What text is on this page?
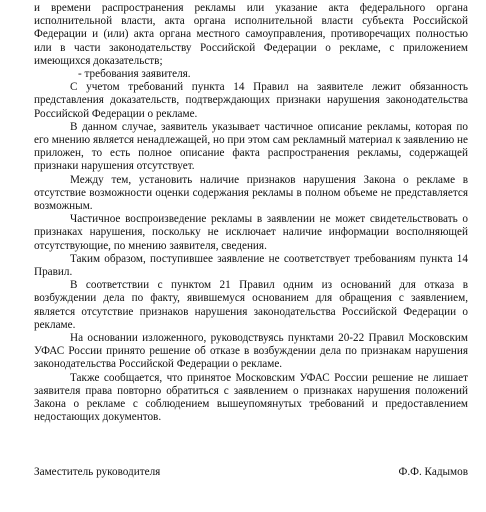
и времени распространения рекламы или указание акта федерального органа исполнительной власти, акта органа исполнительной власти субъекта Российской Федерации и (или) акта органа местного самоуправления, противоречащих полностью или в части законодательству Российской Федерации о рекламе, с приложением имеющихся доказательств;

- требования заявителя.

С учетом требований пункта 14 Правил на заявителе лежит обязанность представления доказательств, подтверждающих признаки нарушения законодательства Российской Федерации о рекламе.

В данном случае, заявитель указывает частичное описание рекламы, которая по его мнению является ненадлежащей, но при этом сам рекламный материал к заявлению не приложен, то есть полное описание факта распространения рекламы, содержащей признаки нарушения отсутствует.

Между тем, установить наличие признаков нарушения Закона о рекламе в отсутствие возможности оценки содержания рекламы в полном объеме не представляется возможным.

Частичное воспроизведение рекламы в заявлении не может свидетельствовать о признаках нарушения, поскольку не исключает наличие информации восполняющей отсутствующие, по мнению заявителя, сведения.

Таким образом, поступившее заявление не соответствует требованиям пункта 14 Правил.

В соответствии с пунктом 21 Правил одним из оснований для отказа в возбуждении дела по факту, явившемуся основанием для обращения с заявлением, является отсутствие признаков нарушения законодательства Российской Федерации о рекламе.

На основании изложенного, руководствуясь пунктами 20-22 Правил Московским УФАС России принято решение об отказе в возбуждении дела по признакам нарушения законодательства Российской Федерации о рекламе.

Также сообщается, что принятое Московским УФАС России решение не лишает заявителя права повторно обратиться с заявлением о признаках нарушения положений Закона о рекламе с соблюдением вышеупомянутых требований и предоставлением недостающих документов.

Заместитель руководителя	Ф.Ф. Кадымов
